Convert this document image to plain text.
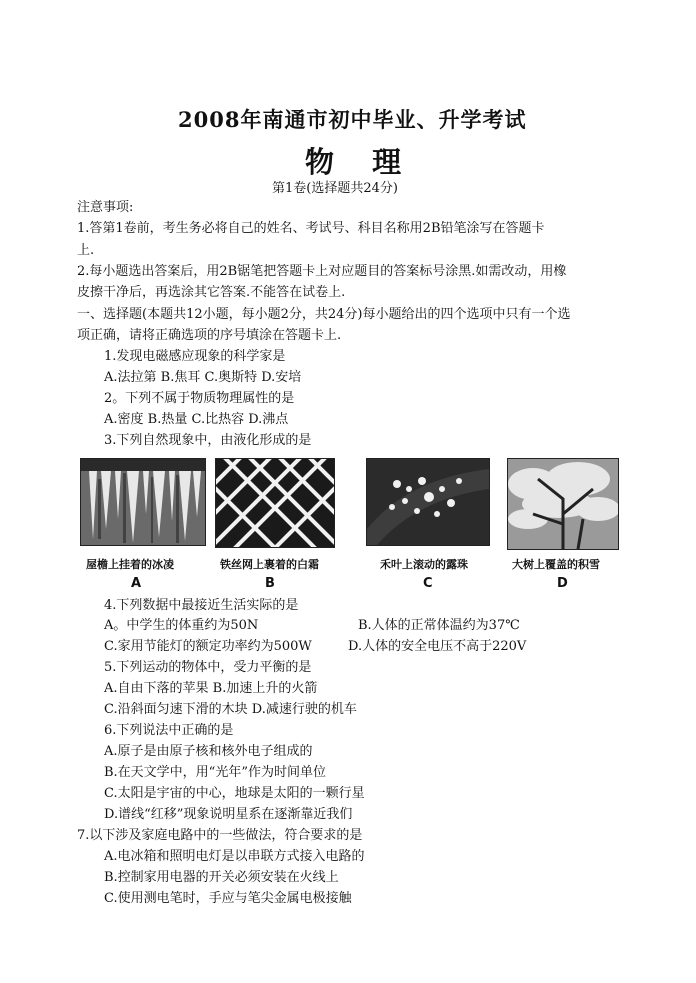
2008年南通市初中毕业、升学考试
物 理
第1卷(选择题共24分)
注意事项:
1.答第1卷前，考生务必将自己的姓名、考试号、科目名称用2B铅笔涂写在答题卡
上.
2.每小题选出答案后，用2B锯笔把答题卡上对应题目的答案标号涂黑.如需改动，用橡
皮擦干净后，再选涂其它答案.不能答在试卷上.
一、选择题(本题共12小题，每小题2分，共24分)每小题给出的四个选项中只有一个选
项正确，请将正确选项的序号填涂在答题卡上.
1.发现电磁感应现象的科学家是
A.法拉第 B.焦耳 C.奥斯特 D.安培
2。下列不属于物质物理属性的是
A.密度 B.热量 C.比热容 D.沸点
3.下列自然现象中，由液化形成的是
屋檐上挂着的冰凌	铁丝网上裹着的白霜	禾叶上滚动的露珠	大树上覆盖的积雪
A	B	C	D
4.下列数据中最接近生活实际的是
A。中学生的体重约为50N	B.人体的正常体温约为37℃
C.家用节能灯的额定功率约为500W	D.人体的安全电压不高于220V
5.下列运动的物体中，受力平衡的是
A.自由下落的苹果 B.加速上升的火箭
C.沿斜面匀速下滑的木块 D.减速行驶的机车
6.下列说法中正确的是
A.原子是由原子核和核外电子组成的
B.在天文学中，用“光年”作为时间单位
C.太阳是宇宙的中心，地球是太阳的一颗行星
D.谱线“红移”现象说明星系在逐渐靠近我们
7.以下涉及家庭电路中的一些做法，符合要求的是
A.电冰箱和照明电灯是以串联方式接入电路的
B.控制家用电器的开关必须安装在火线上
C.使用测电笔时，手应与笔尖金属电极接触
